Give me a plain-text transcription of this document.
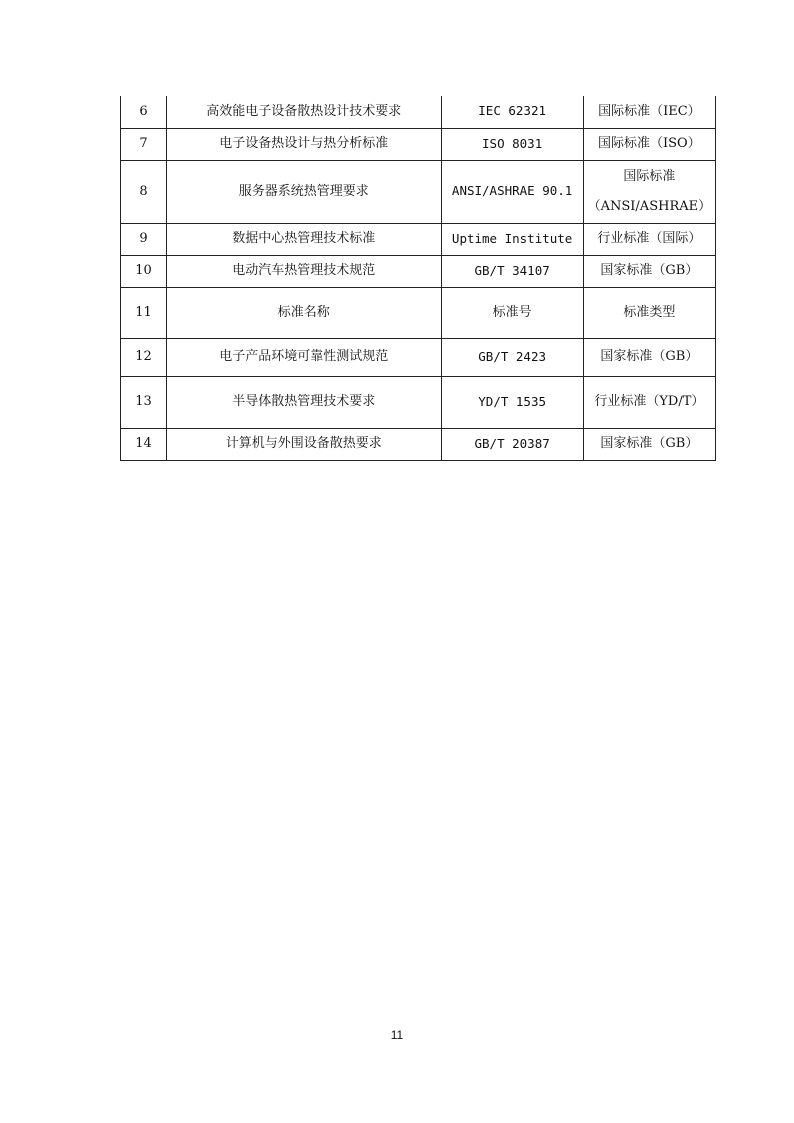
6	高效能电子设备散热设计技术要求	IEC 62321	国际标准（IEC）
7	电子设备热设计与热分析标准	ISO 8031	国际标准（ISO）
8	服务器系统热管理要求	ANSI/ASHRAE 90.1	国际标准
（ANSI/ASHRAE）

9	数据中心热管理技术标准	Uptime Institute	行业标准（国际）
10	电动汽车热管理技术规范	GB/T 34107	国家标准（GB）
11	标准名称	标准号	标准类型
12	电子产品环境可靠性测试规范	GB/T 2423	国家标准（GB）
13	半导体散热管理技术要求	YD/T 1535	行业标准（YD/T）
14	计算机与外围设备散热要求	GB/T 20387	国家标准（GB）
11
